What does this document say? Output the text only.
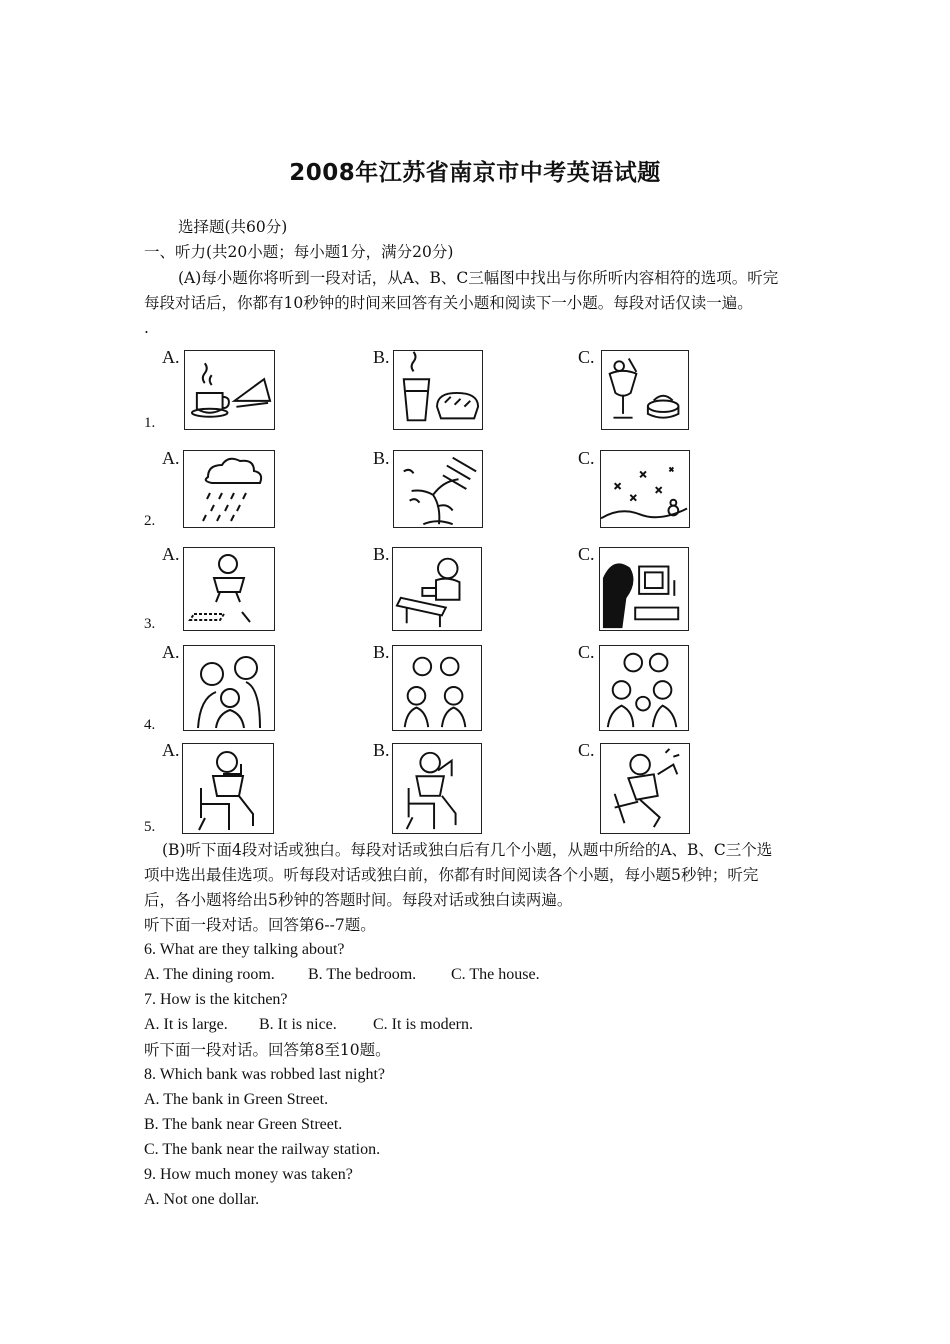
2008年江苏省南京市中考英语试题
选择题(共60分)
一、听力(共20小题；每小题1分，满分20分)
(A)每小题你将听到一段对话，从A、B、C三幅图中找出与你所听内容相符的选项。听完
每段对话后，你都有10秒钟的时间来回答有关小题和阅读下一小题。每段对话仅读一遍。
.
A.	B.	C.
1.
A.	B.	C.
2.
A.	B.	C.
3.
A.	B.	C.
4.
A.	B.	C.
5.
(B)听下面4段对话或独白。每段对话或独白后有几个小题，从题中所给的A、B、C三个选
项中选出最佳选项。听每段对话或独白前，你都有时间阅读各个小题，每小题5秒钟；听完
后，各小题将给出5秒钟的答题时间。每段对话或独白读两遍。
听下面一段对话。回答第6--7题。
6. What are they talking about?
A. The dining room. B. The bedroom. C. The house.
7. How is the kitchen?
A. It is large. B. It is nice. C. It is modern.
听下面一段对话。回答第8至10题。
8. Which bank was robbed last night?
A. The bank in Green Street.
B. The bank near Green Street.
C. The bank near the railway station.
9. How much money was taken?
A. Not one dollar.
